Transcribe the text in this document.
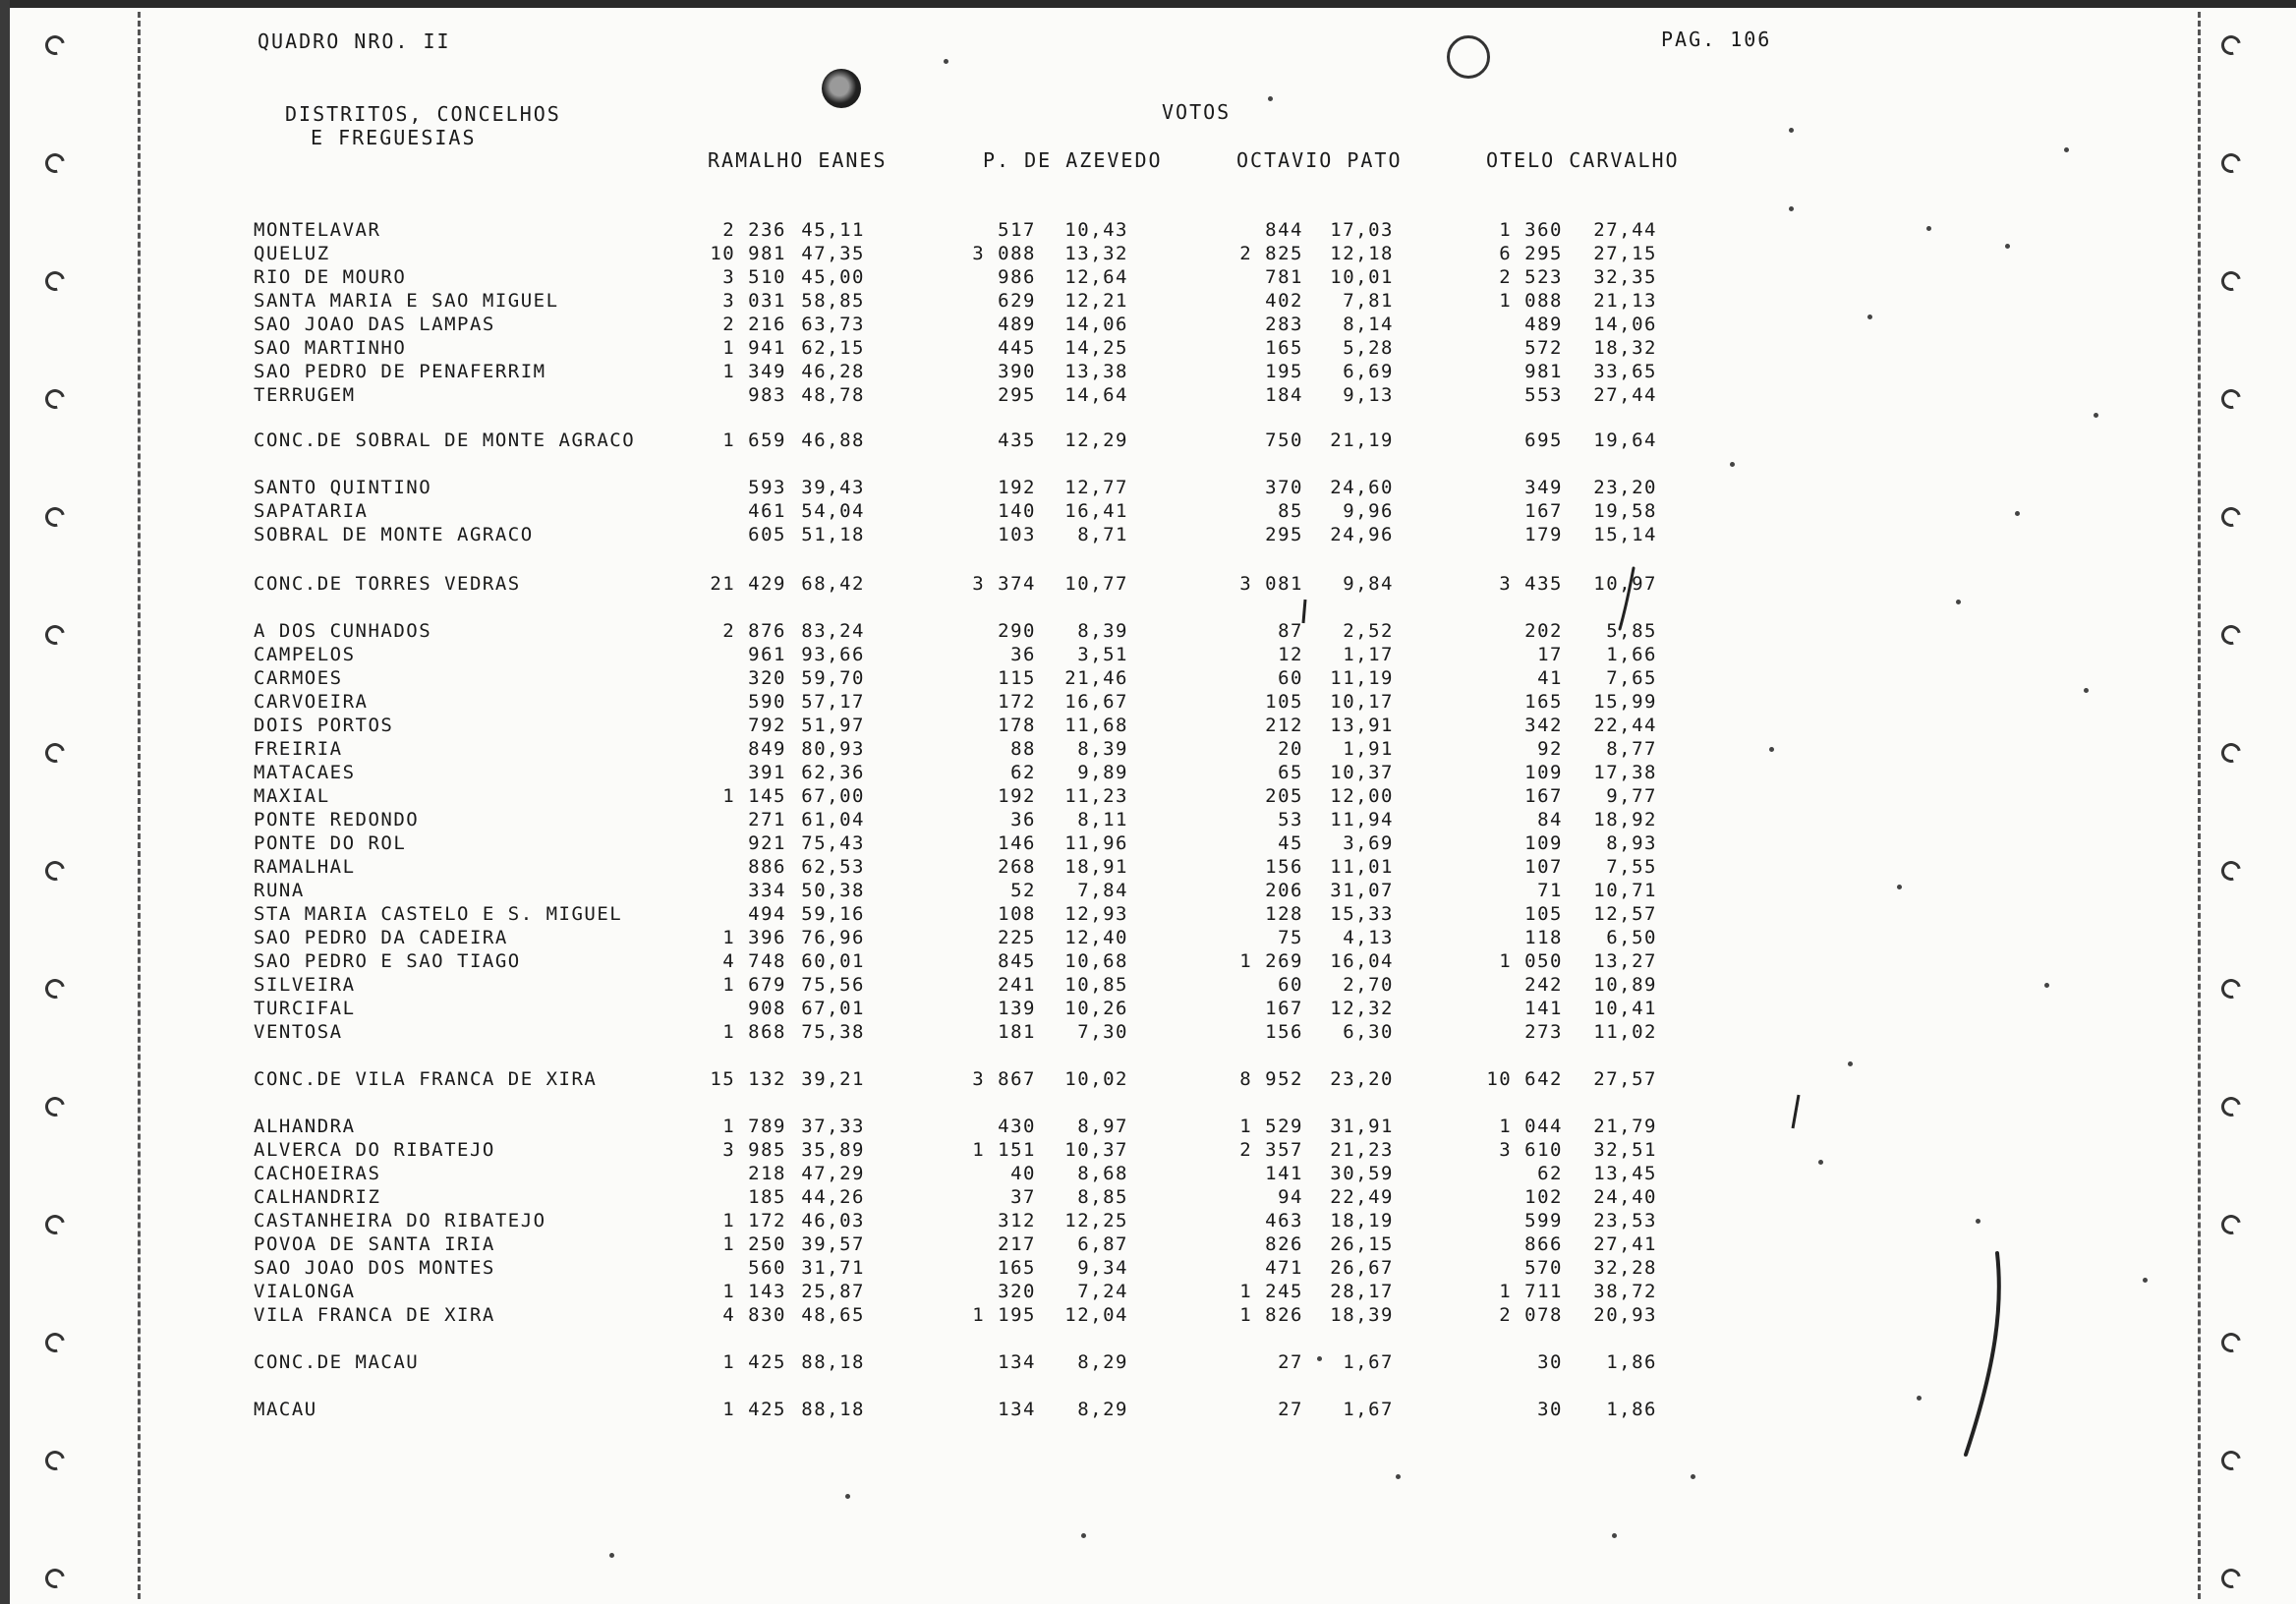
QUADRO NRO. II	PAG. 106
DISTRITOS, CONCELHOS
E FREGUESIAS
VOTOS
RAMALHO EANES	P. DE AZEVEDO	OCTAVIO PATO	OTELO CARVALHO
MONTELAVAR	2 236 45,11	517 10,43	844 17,03	1 360 27,44
QUELUZ	10 981 47,35	3 088 13,32	2 825 12,18	6 295 27,15
RIO DE MOURO	3 510 45,00	986 12,64	781 10,01	2 523 32,35
SANTA MARIA E SAO MIGUEL	3 031 58,85	629 12,21	402 7,81	1 088 21,13
SAO JOAO DAS LAMPAS	2 216 63,73	489 14,06	283 8,14	489 14,06
SAO MARTINHO	1 941 62,15	445 14,25	165 5,28	572 18,32
SAO PEDRO DE PENAFERRIM	1 349 46,28	390 13,38	195 6,69	981 33,65
TERRUGEM	983 48,78	295 14,64	184 9,13	553 27,44
CONC.DE SOBRAL DE MONTE AGRACO	1 659 46,88	435 12,29	750 21,19	695 19,64
SANTO QUINTINO	593 39,43	192 12,77	370 24,60	349 23,20
SAPATARIA	461 54,04	140 16,41	85 9,96	167 19,58
SOBRAL DE MONTE AGRACO	605 51,18	103 8,71	295 24,96	179 15,14
CONC.DE TORRES VEDRAS	21 429 68,42	3 374 10,77	3 081 9,84	3 435 10,97
A DOS CUNHADOS	2 876 83,24	290 8,39	87 2,52	202 5,85
CAMPELOS	961 93,66	36 3,51	12 1,17	17 1,66
CARMOES	320 59,70	115 21,46	60 11,19	41 7,65
CARVOEIRA	590 57,17	172 16,67	105 10,17	165 15,99
DOIS PORTOS	792 51,97	178 11,68	212 13,91	342 22,44
FREIRIA	849 80,93	88 8,39	20 1,91	92 8,77
MATACAES	391 62,36	62 9,89	65 10,37	109 17,38
MAXIAL	1 145 67,00	192 11,23	205 12,00	167 9,77
PONTE REDONDO	271 61,04	36 8,11	53 11,94	84 18,92
PONTE DO ROL	921 75,43	146 11,96	45 3,69	109 8,93
RAMALHAL	886 62,53	268 18,91	156 11,01	107 7,55
RUNA	334 50,38	52 7,84	206 31,07	71 10,71
STA MARIA CASTELO E S. MIGUEL	494 59,16	108 12,93	128 15,33	105 12,57
SAO PEDRO DA CADEIRA	1 396 76,96	225 12,40	75 4,13	118 6,50
SAO PEDRO E SAO TIAGO	4 748 60,01	845 10,68	1 269 16,04	1 050 13,27
SILVEIRA	1 679 75,56	241 10,85	60 2,70	242 10,89
TURCIFAL	908 67,01	139 10,26	167 12,32	141 10,41
VENTOSA	1 868 75,38	181 7,30	156 6,30	273 11,02
CONC.DE VILA FRANCA DE XIRA	15 132 39,21	3 867 10,02	8 952 23,20	10 642 27,57
ALHANDRA	1 789 37,33	430 8,97	1 529 31,91	1 044 21,79
ALVERCA DO RIBATEJO	3 985 35,89	1 151 10,37	2 357 21,23	3 610 32,51
CACHOEIRAS	218 47,29	40 8,68	141 30,59	62 13,45
CALHANDRIZ	185 44,26	37 8,85	94 22,49	102 24,40
CASTANHEIRA DO RIBATEJO	1 172 46,03	312 12,25	463 18,19	599 23,53
POVOA DE SANTA IRIA	1 250 39,57	217 6,87	826 26,15	866 27,41
SAO JOAO DOS MONTES	560 31,71	165 9,34	471 26,67	570 32,28
VIALONGA	1 143 25,87	320 7,24	1 245 28,17	1 711 38,72
VILA FRANCA DE XIRA	4 830 48,65	1 195 12,04	1 826 18,39	2 078 20,93
CONC.DE MACAU	1 425 88,18	134 8,29	27 1,67	30 1,86
MACAU	1 425 88,18	134 8,29	27 1,67	30 1,86
